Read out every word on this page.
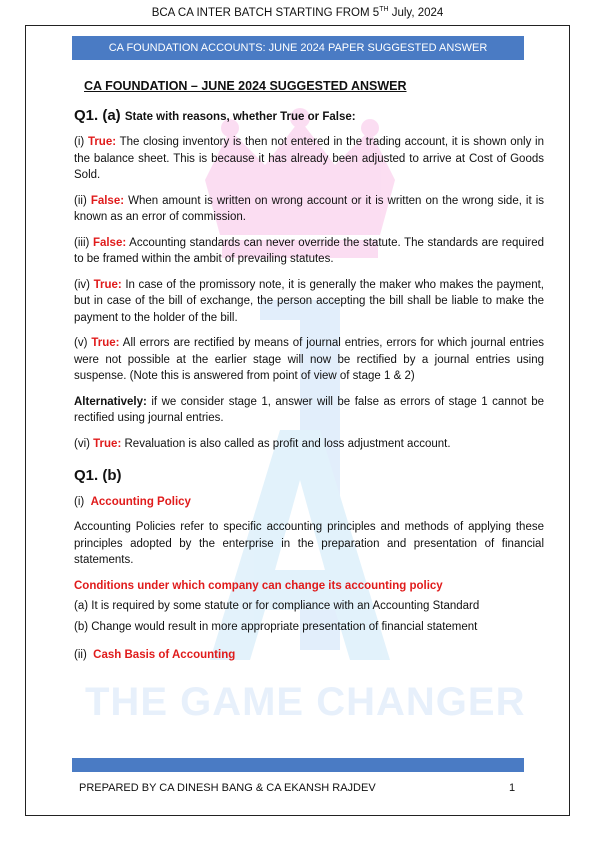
BCA CA INTER BATCH STARTING FROM 5TH July, 2024
CA FOUNDATION ACCOUNTS: JUNE 2024 PAPER SUGGESTED ANSWER
THE GAME CHANGER
CA FOUNDATION – JUNE 2024 SUGGESTED ANSWER
Q1. (a) State with reasons, whether True or False:
(i) True: The closing inventory is then not entered in the trading account, it is shown only in the balance sheet. This is because it has already been adjusted to arrive at Cost of Goods Sold.
(ii) False: When amount is written on wrong account or it is written on the wrong side, it is known as an error of commission.
(iii) False: Accounting standards can never override the statute. The standards are required to be framed within the ambit of prevailing statutes.
(iv) True: In case of the promissory note, it is generally the maker who makes the payment, but in case of the bill of exchange, the person accepting the bill shall be liable to make the payment to the holder of the bill.
(v) True: All errors are rectified by means of journal entries, errors for which journal entries were not possible at the earlier stage will now be rectified by a journal entries using suspense. (Note this is answered from point of view of stage 1 & 2)
Alternatively: if we consider stage 1, answer will be false as errors of stage 1 cannot be rectified using journal entries.
(vi) True: Revaluation is also called as profit and loss adjustment account.
Q1. (b)
(i) Accounting Policy
Accounting Policies refer to specific accounting principles and methods of applying these principles adopted by the enterprise in the preparation and presentation of financial statements.
Conditions under which company can change its accounting policy
(a) It is required by some statute or for compliance with an Accounting Standard
(b) Change would result in more appropriate presentation of financial statement
(ii) Cash Basis of Accounting
PREPARED BY CA DINESH BANG & CA EKANSH RAJDEV	1
